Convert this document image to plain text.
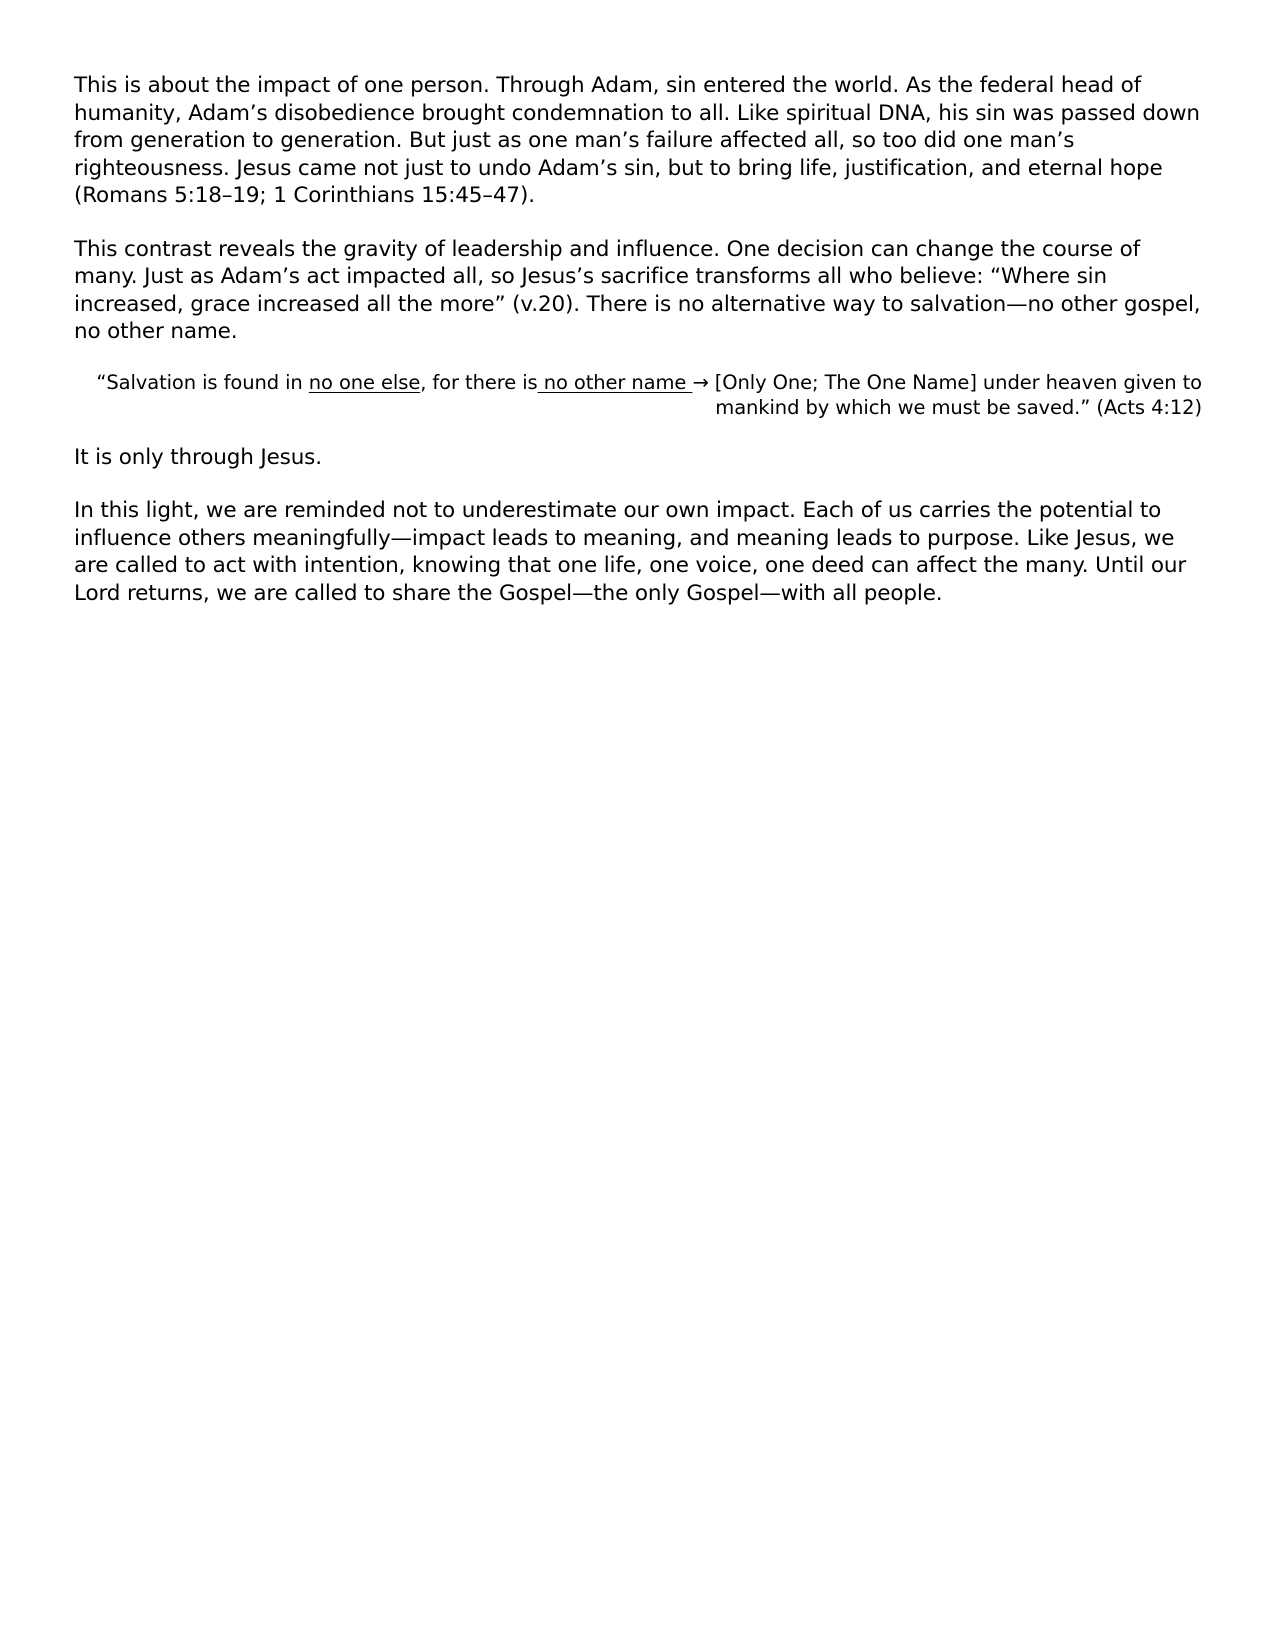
This is about the impact of one person. Through Adam, sin entered the world. As the federal head of humanity, Adam’s disobedience brought condemnation to all. Like spiritual DNA, his sin was passed down from generation to generation. But just as one man’s failure affected all, so too did one man’s righteousness. Jesus came not just to undo Adam’s sin, but to bring life, justification, and eternal hope (Romans 5:18–19; 1 Corinthians 15:45–47).

This contrast reveals the gravity of leadership and influence. One decision can change the course of many. Just as Adam’s act impacted all, so Jesus’s sacrifice transforms all who believe: “Where sin increased, grace increased all the more” (v.20). There is no alternative way to salvation—no other gospel, no other name.

“Salvation is found in no one else, for there is no other name → [Only One; The One Name] under heaven given to mankind by which we must be saved.” (Acts 4:12)

It is only through Jesus.

In this light, we are reminded not to underestimate our own impact. Each of us carries the potential to influence others meaningfully—impact leads to meaning, and meaning leads to purpose. Like Jesus, we are called to act with intention, knowing that one life, one voice, one deed can affect the many. Until our Lord returns, we are called to share the Gospel—the only Gospel—with all people.
